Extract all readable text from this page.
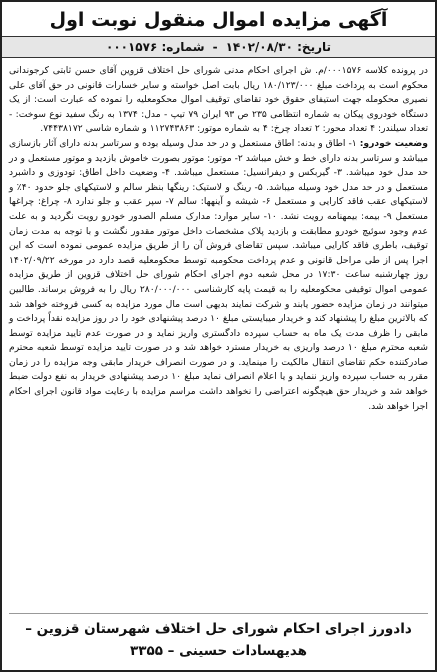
آگهی مزایده اموال منقول نوبت اول
تاریخ: ۱۴۰۲/۰۸/۳۰
-
شماره: ۰۰۰۱۵۷۶

در پرونده کلاسه ۰۰۰۱۵۷۶/م. ش اجرای احکام مدنی شورای حل اختلاف قزوین آقای حسن ثابتی کرجوندانی محکوم است به پرداخت مبلغ ۱۸۰/۱۲۳/۰۰۰ ریال بابت اصل خواسته و سایر خسارات قانونی در حق آقای علی نصیری محکومله جهت استیفای حقوق خود تقاضای توقیف اموال محکومعلیه را نموده که عبارت است: از یک دستگاه خودروی پیکان به شماره انتظامی ۲۳۵ ص ۹۳ ایران ۷۹ تیپ - مدل: ۱۳۷۴ به رنگ سفید نوع سوخت: - تعداد سیلندر: ۴ تعداد محور: ۲ تعداد چرخ: ۴ به شماره موتور: ۱۱۲۷۴۳۸۶۳ و شماره شاسی ۷۴۴۳۸۱۷۲.
وضعیت خودرو: ۱- اطاق و بدنه: اطاق مستعمل و در حد مدل وسیله بوده و سرتاسر بدنه دارای آثار بازسازی میباشد و سرتاسر بدنه دارای خط و خش میباشد ۲- موتور: موتور بصورت خاموش بازدید و موتور مستعمل و در حد مدل خود میباشد. ۳- گیربکس و دیفرانسیل: مستعمل میباشد. ۴- وضعیت داخل اطاق: تودوزی و داشبرد مستعمل و در حد مدل خود وسیله میباشد. ۵- رینگ و لاستیک: رینگها بنظر سالم و لاستیکهای جلو حدود ۴۰٪ و لاستیکهای عقب فاقد کارایی و مستعمل ۶- شیشه و آینهها: سالم ۷- سپر عقب و جلو ندارد ۸- چراغ: چراغها مستعمل ۹- بیمه: بیمهنامه رویت نشد. ۱۰- سایر موارد: مدارک مسلم الصدور خودرو رویت نگردید و به علت عدم وجود سوئیچ خودرو مطابقت و بازدید پلاک مشخصات داخل موتور مقدور نگشت و با توجه به مدت زمان توقیف، باطری فاقد کارایی میباشد. سپس تقاضای فروش آن را از طریق مزایده عمومی نموده است که این اجرا پس از طی مراحل قانونی و عدم پرداخت محکومبه توسط محکومعلیه قصد دارد در مورخه ۱۴۰۲/۰۹/۲۲ روز چهارشنبه ساعت ۱۷:۳۰ در محل شعبه دوم اجرای احکام شورای حل اختلاف قزوین از طریق مزایده عمومی اموال توقیفی محکومعلیه را به قیمت پایه کارشناسی ۲۸۰/۰۰۰/۰۰۰ ریال را به فروش برساند. طالبین میتوانند در زمان مزایده حضور یابند و شرکت نمایند بدیهی است مال مورد مزایده به کسی فروخته خواهد شد که بالاترین مبلغ را پیشنهاد کند و خریدار میبایستی مبلغ ۱۰ درصد پیشنهادی خود را در روز مزایده نقداً پرداخت و مابقی را ظرف مدت یک ماه به حساب سپرده دادگستری واریز نماید و در صورت عدم تایید مزایده توسط شعبه محترم مبلغ ۱۰ درصد واریزی به خریدار مسترد خواهد شد و در صورت تایید مزایده توسط شعبه محترم صادرکننده حکم تقاضای انتقال مالکیت را مینماید. و در صورت انصراف خریدار مابقی وجه مزایده را در زمان مقرر به حساب سپرده واریز ننماید و یا اعلام انصراف نماید مبلغ ۱۰ درصد پیشنهادی خریدار به نفع دولت ضبط خواهد شد و خریدار حق هیچگونه اعتراضی را نخواهد داشت مراسم مزایده با رعایت مواد قانون اجرای احکام اجرا خواهد شد.

دادورز اجرای احکام شورای حل اختلاف شهرستان قزوین –
هدیهسادات حسینی – ۳۳۵۵
